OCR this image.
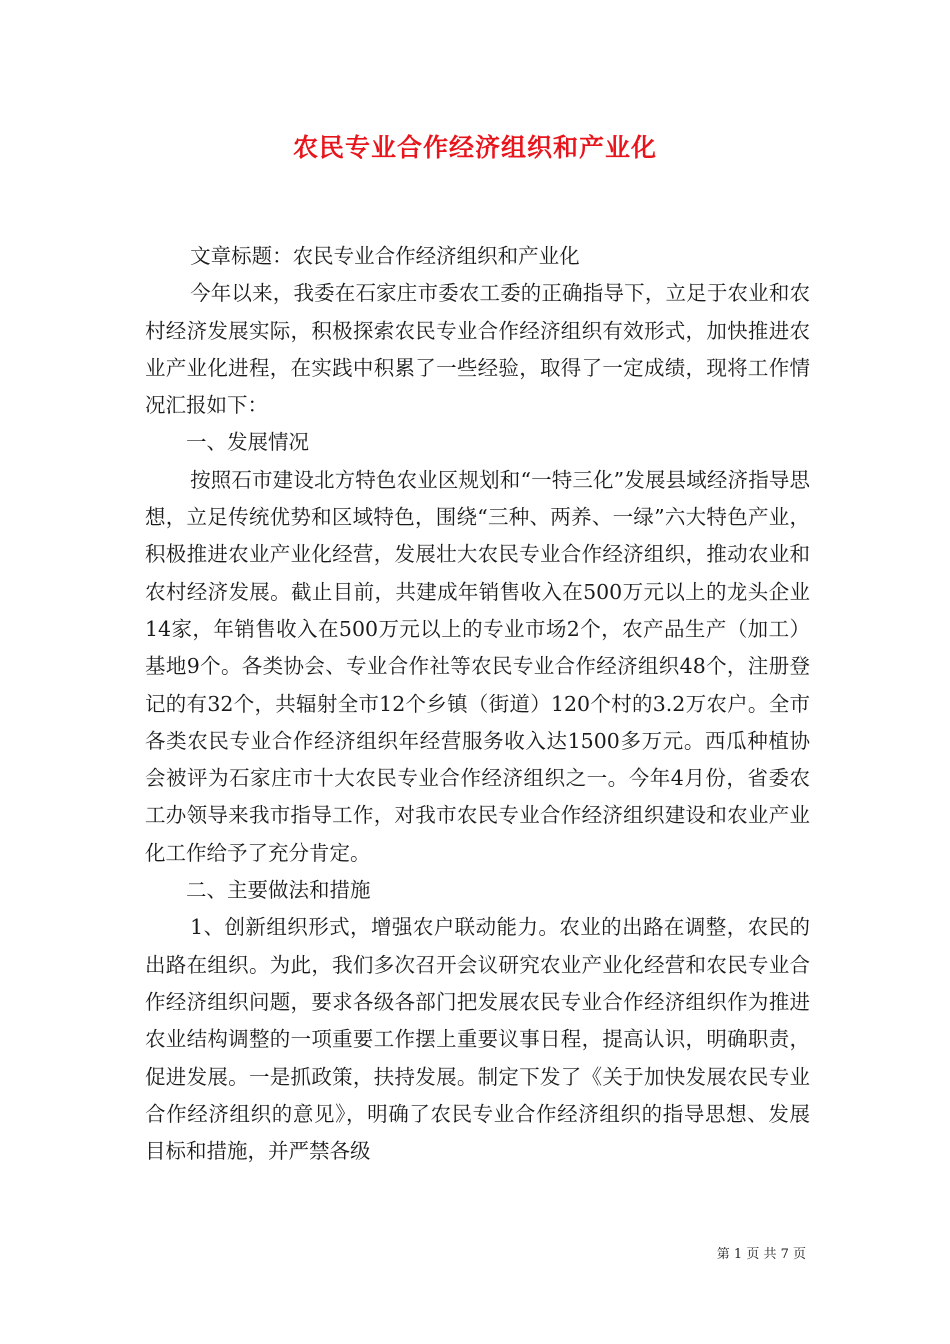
农民专业合作经济组织和产业化

文章标题：农民专业合作经济组织和产业化

今年以来，我委在石家庄市委农工委的正确指导下，立足于农业和农村经济发展实际，积极探索农民专业合作经济组织有效形式，加快推进农业产业化进程，在实践中积累了一些经验，取得了一定成绩，现将工作情况汇报如下：

一、发展情况

按照石市建设北方特色农业区规划和“一特三化”发展县域经济指导思想，立足传统优势和区域特色，围绕“三种、两养、一绿”六大特色产业，积极推进农业产业化经营，发展壮大农民专业合作经济组织，推动农业和农村经济发展。截止目前，共建成年销售收入在500万元以上的龙头企业14家，年销售收入在500万元以上的专业市场2个，农产品生产（加工）基地9个。各类协会、专业合作社等农民专业合作经济组织48个，注册登记的有32个，共辐射全市12个乡镇（街道）120个村的3.2万农户。全市各类农民专业合作经济组织年经营服务收入达1500多万元。西瓜种植协会被评为石家庄市十大农民专业合作经济组织之一。今年4月份，省委农工办领导来我市指导工作，对我市农民专业合作经济组织建设和农业产业化工作给予了充分肯定。

二、主要做法和措施

1、创新组织形式，增强农户联动能力。农业的出路在调整，农民的出路在组织。为此，我们多次召开会议研究农业产业化经营和农民专业合作经济组织问题，要求各级各部门把发展农民专业合作经济组织作为推进农业结构调整的一项重要工作摆上重要议事日程，提高认识，明确职责，促进发展。一是抓政策，扶持发展。制定下发了《关于加快发展农民专业合作经济组织的意见》，明确了农民专业合作经济组织的指导思想、发展目标和措施，并严禁各级

第 1 页 共 7 页
